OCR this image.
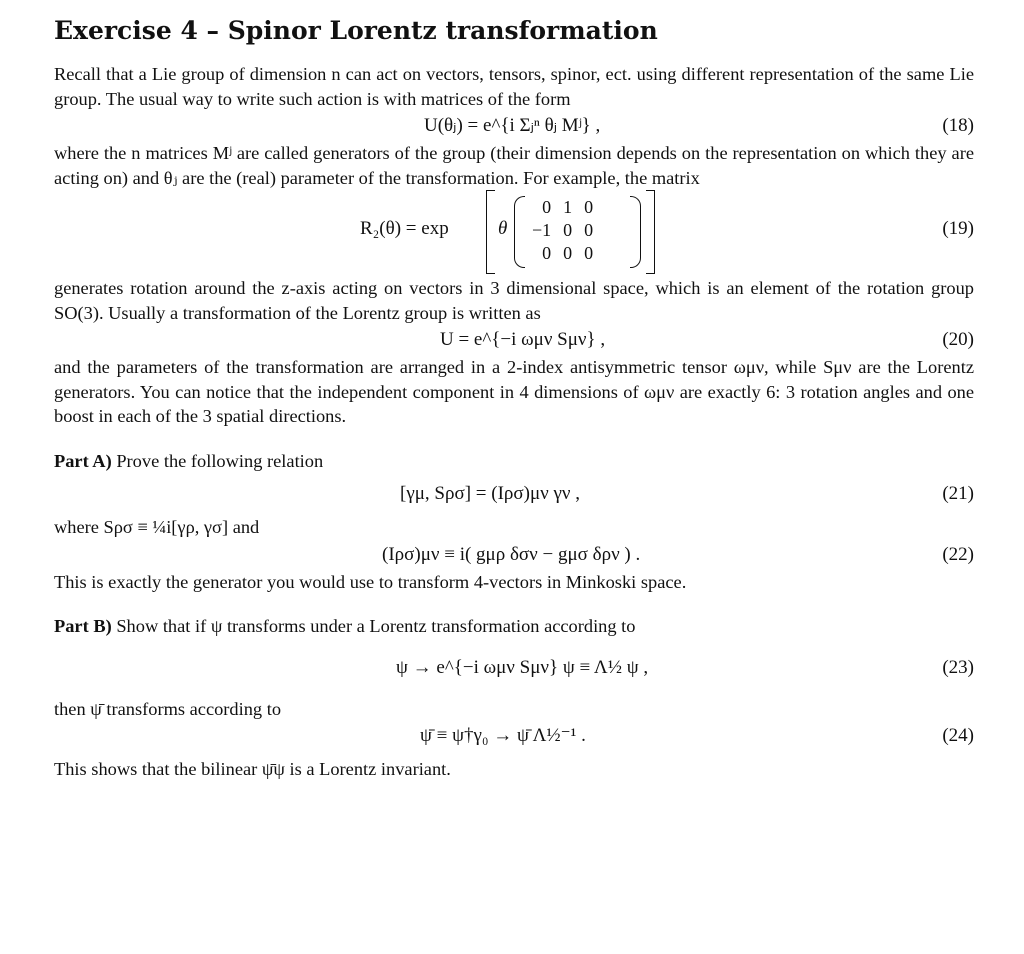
Exercise 4 – Spinor Lorentz transformation

Recall that a Lie group of dimension n can act on vectors, tensors, spinor, ect. using different representation of the same Lie group. The usual way to write such action is with matrices of the form

U(θⱼ) = e^{i Σⱼⁿ θⱼ Mʲ} ,	(18)

where the n matrices Mʲ are called generators of the group (their dimension depends on the representation on which they are acting on) and θⱼ are the (real) parameter of the transformation. For example, the matrix

R₂(θ) = exp	θ
0	1	0
−1	0	0
0	0	0
(19)

generates rotation around the z-axis acting on vectors in 3 dimensional space, which is an element of the rotation group SO(3). Usually a transformation of the Lorentz group is written as

U = e^{−i ωμν Sμν} ,	(20)

and the parameters of the transformation are arranged in a 2-index antisymmetric tensor ωμν, while Sμν are the Lorentz generators. You can notice that the independent component in 4 dimensions of ωμν are exactly 6: 3 rotation angles and one boost in each of the 3 spatial directions.

Part A) Prove the following relation

[γμ, Sρσ] = (Iρσ)μν γν ,	(21)

where Sρσ ≡ ¼i[γρ, γσ] and

(Iρσ)μν ≡ i( gμρ δσν − gμσ δρν ) .	(22)

This is exactly the generator you would use to transform 4-vectors in Minkoski space.

Part B) Show that if ψ transforms under a Lorentz transformation according to

ψ → e^{−i ωμν Sμν} ψ ≡ Λ½ ψ ,	(23)

then ψ̄ transforms according to

ψ̄ ≡ ψ†γ₀ → ψ̄ Λ½⁻¹ .	(24)

This shows that the bilinear ψ̄ψ is a Lorentz invariant.
